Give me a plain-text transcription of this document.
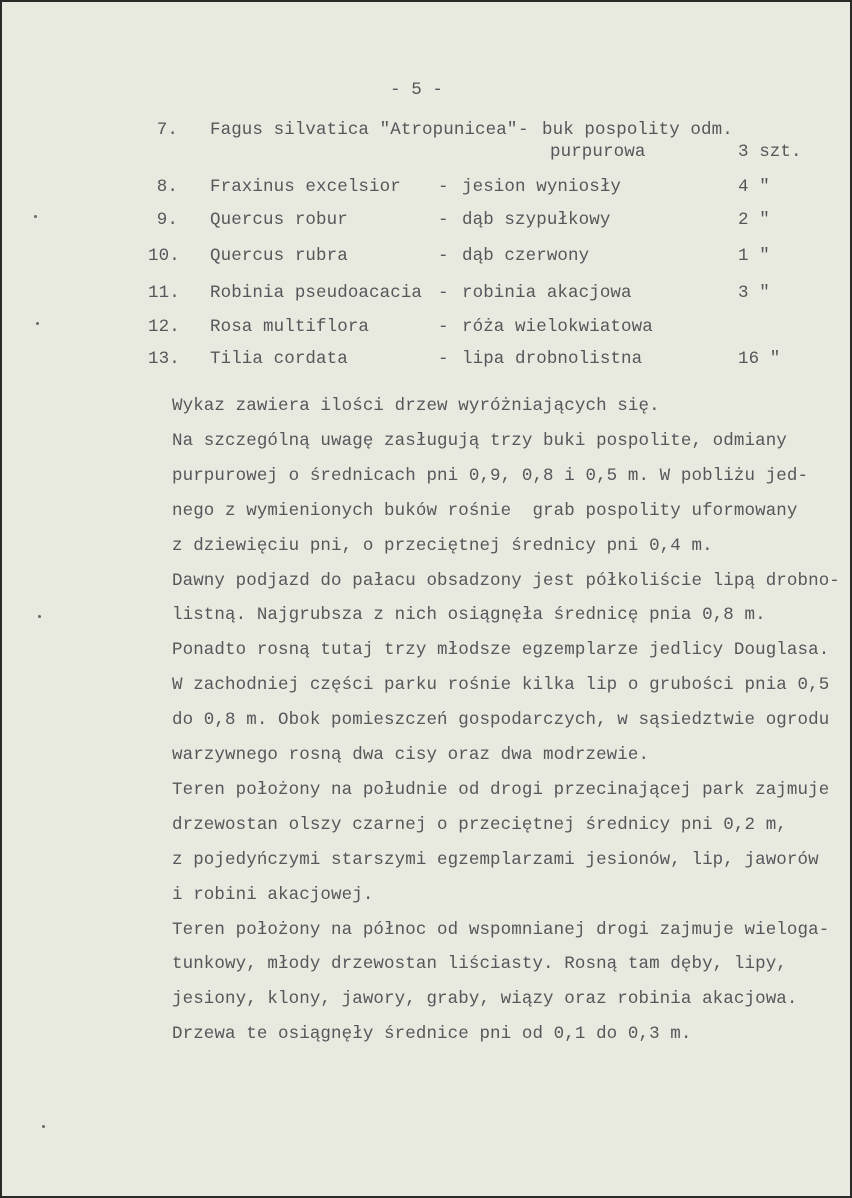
- 5 -
7. Fagus silvatica "Atropunicea" - buk pospolity odm.
purpurowa	3 szt.
8. Fraxinus excelsior - jesion wyniosły	4 "
9. Quercus robur	- dąb szypułkowy	2 "
10. Quercus rubra	- dąb czerwony	1 "
11. Robinia pseudoacacia - robinia akacjowa	3 "
12. Rosa multiflora	- róża wielokwiatowa
13. Tilia cordata	- lipa drobnolistna	16 "
Wykaz zawiera ilości drzew wyróżniających się.
Na szczególną uwagę zasługują trzy buki pospolite, odmiany
purpurowej o średnicach pni 0,9, 0,8 i 0,5 m. W pobliżu jed-
nego z wymienionych buków rośnie  grab pospolity uformowany
z dziewięciu pni, o przeciętnej średnicy pni 0,4 m.
Dawny podjazd do pałacu obsadzony jest półkoliście lipą drobno-
listną. Najgrubsza z nich osiągnęła średnicę pnia 0,8 m.
Ponadto rosną tutaj trzy młodsze egzemplarze jedlicy Douglasa.
W zachodniej części parku rośnie kilka lip o grubości pnia 0,5
do 0,8 m. Obok pomieszczeń gospodarczych, w sąsiedztwie ogrodu
warzywnego rosną dwa cisy oraz dwa modrzewie.
Teren położony na południe od drogi przecinającej park zajmuje
drzewostan olszy czarnej o przeciętnej średnicy pni 0,2 m,
z pojedyńczymi starszymi egzemplarzami jesionów, lip, jaworów
i robini akacjowej.
Teren położony na północ od wspomnianej drogi zajmuje wieloga-
tunkowy, młody drzewostan liściasty. Rosną tam dęby, lipy,
jesiony, klony, jawory, graby, wiązy oraz robinia akacjowa.
Drzewa te osiągnęły średnice pni od 0,1 do 0,3 m.
